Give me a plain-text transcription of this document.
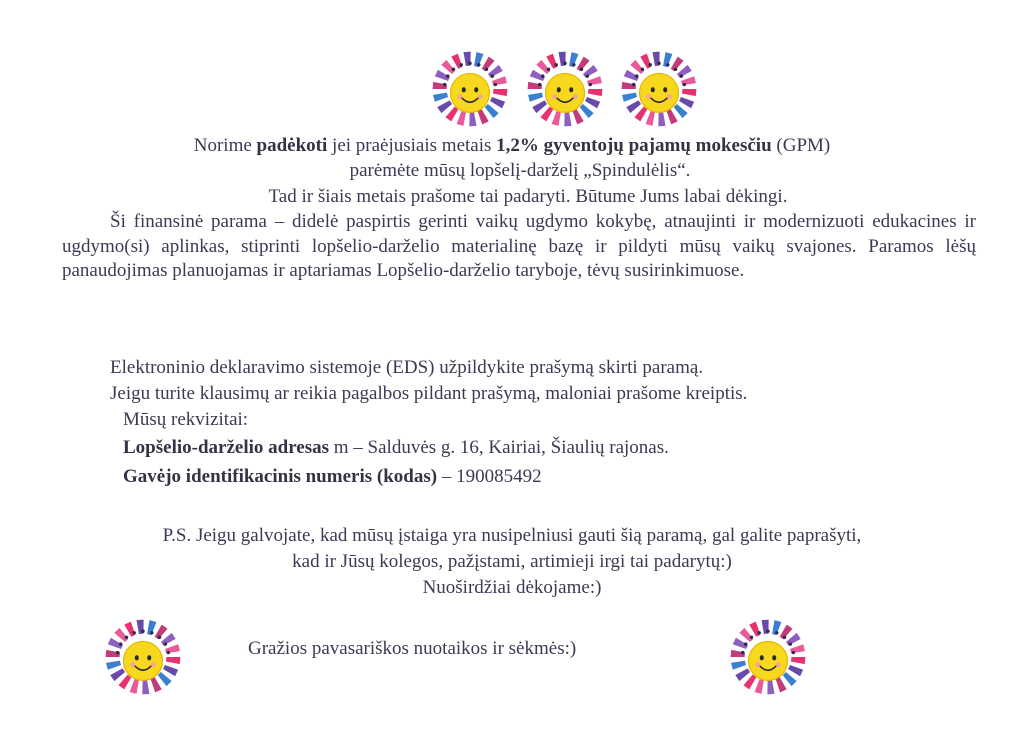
Norime padėkoti jei praėjusiais metais 1,2% gyventojų pajamų mokesčiu (GPM)
parėmėte mūsų lopšelį-darželį „Spindulėlis“.
Tad ir šiais metais prašome tai padaryti. Būtume Jums labai dėkingi.
Ši finansinė parama – didelė paspirtis gerinti vaikų ugdymo kokybę, atnaujinti ir modernizuoti edukacines ir ugdymo(si) aplinkas, stiprinti lopšelio-darželio materialinę bazę ir pildyti mūsų vaikų svajones. Paramos lėšų panaudojimas planuojamas ir aptariamas Lopšelio-darželio taryboje, tėvų susirinkimuose.
Elektroninio deklaravimo sistemoje (EDS) užpildykite prašymą skirti paramą.
Jeigu turite klausimų ar reikia pagalbos pildant prašymą, maloniai prašome kreiptis.
Mūsų rekvizitai:
Lopšelio-darželio adresas m – Salduvės g. 16, Kairiai, Šiaulių rajonas.
Gavėjo identifikacinis numeris (kodas) – 190085492
P.S. Jeigu galvojate, kad mūsų įstaiga yra nusipelniusi gauti šią paramą, gal galite paprašyti,
kad ir Jūsų kolegos, pažįstami, artimieji irgi tai padarytų:)
Nuoširdžiai dėkojame:)
Gražios pavasariškos nuotaikos ir sėkmės:)
